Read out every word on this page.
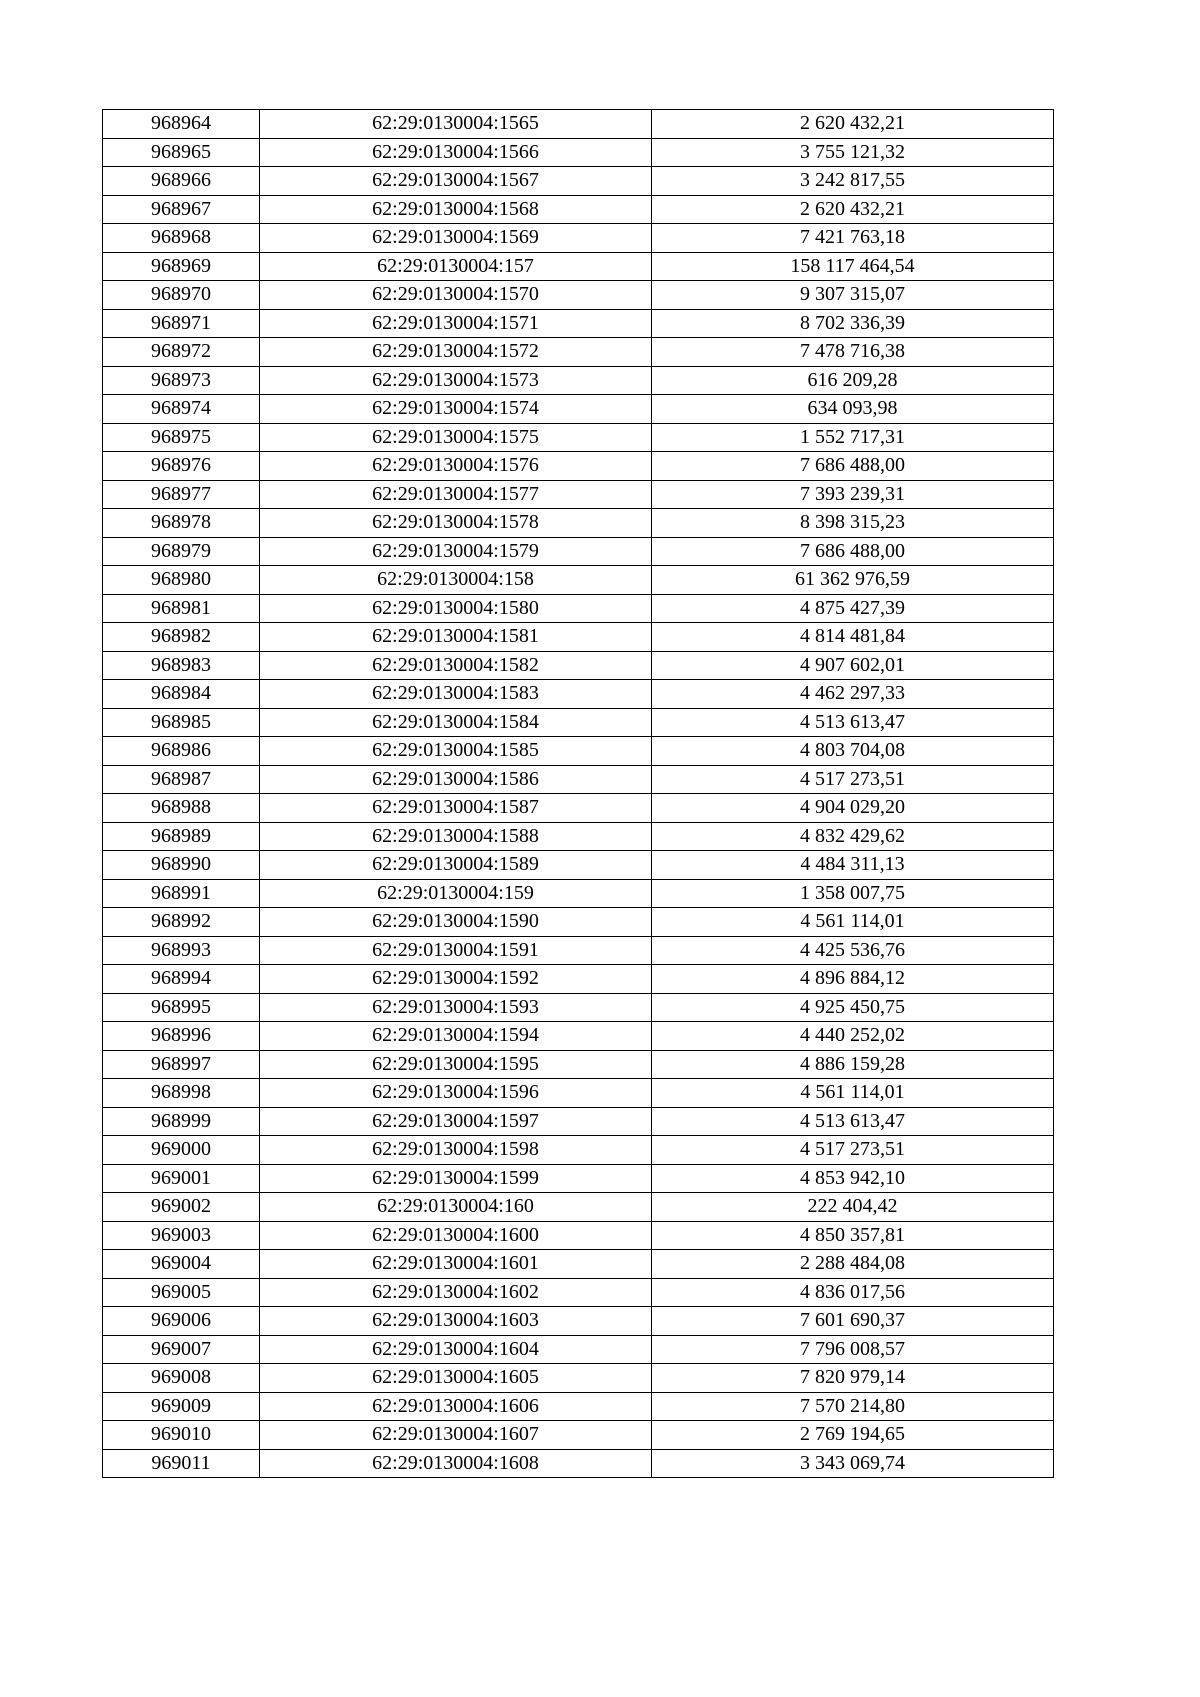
968964	62:29:0130004:1565	2 620 432,21
968965	62:29:0130004:1566	3 755 121,32
968966	62:29:0130004:1567	3 242 817,55
968967	62:29:0130004:1568	2 620 432,21
968968	62:29:0130004:1569	7 421 763,18
968969	62:29:0130004:157	158 117 464,54
968970	62:29:0130004:1570	9 307 315,07
968971	62:29:0130004:1571	8 702 336,39
968972	62:29:0130004:1572	7 478 716,38
968973	62:29:0130004:1573	616 209,28
968974	62:29:0130004:1574	634 093,98
968975	62:29:0130004:1575	1 552 717,31
968976	62:29:0130004:1576	7 686 488,00
968977	62:29:0130004:1577	7 393 239,31
968978	62:29:0130004:1578	8 398 315,23
968979	62:29:0130004:1579	7 686 488,00
968980	62:29:0130004:158	61 362 976,59
968981	62:29:0130004:1580	4 875 427,39
968982	62:29:0130004:1581	4 814 481,84
968983	62:29:0130004:1582	4 907 602,01
968984	62:29:0130004:1583	4 462 297,33
968985	62:29:0130004:1584	4 513 613,47
968986	62:29:0130004:1585	4 803 704,08
968987	62:29:0130004:1586	4 517 273,51
968988	62:29:0130004:1587	4 904 029,20
968989	62:29:0130004:1588	4 832 429,62
968990	62:29:0130004:1589	4 484 311,13
968991	62:29:0130004:159	1 358 007,75
968992	62:29:0130004:1590	4 561 114,01
968993	62:29:0130004:1591	4 425 536,76
968994	62:29:0130004:1592	4 896 884,12
968995	62:29:0130004:1593	4 925 450,75
968996	62:29:0130004:1594	4 440 252,02
968997	62:29:0130004:1595	4 886 159,28
968998	62:29:0130004:1596	4 561 114,01
968999	62:29:0130004:1597	4 513 613,47
969000	62:29:0130004:1598	4 517 273,51
969001	62:29:0130004:1599	4 853 942,10
969002	62:29:0130004:160	222 404,42
969003	62:29:0130004:1600	4 850 357,81
969004	62:29:0130004:1601	2 288 484,08
969005	62:29:0130004:1602	4 836 017,56
969006	62:29:0130004:1603	7 601 690,37
969007	62:29:0130004:1604	7 796 008,57
969008	62:29:0130004:1605	7 820 979,14
969009	62:29:0130004:1606	7 570 214,80
969010	62:29:0130004:1607	2 769 194,65
969011	62:29:0130004:1608	3 343 069,74
